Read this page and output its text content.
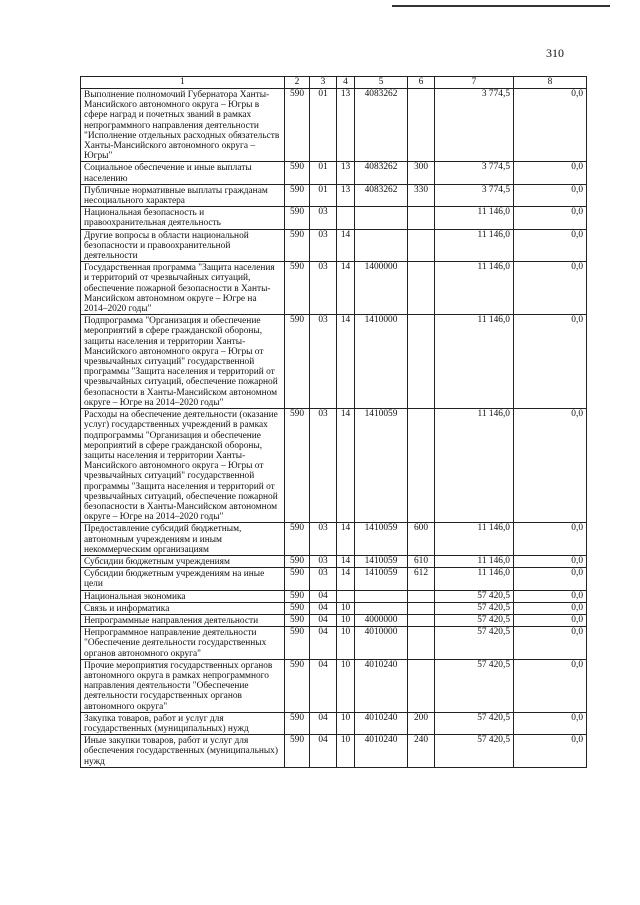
310
1	2	3	4	5	6	7	8
Выполнение полномочий Губернатора Ханты-Мансийского автономного округа – Югры в сфере наград и почетных званий в рамках непрограммного направления деятельности "Исполнение отдельных расходных обязательств Ханты-Мансийского автономного округа – Югры"	590	01	13	4083262		3 774,5	0,0
Социальное обеспечение и иные выплаты населению	590	01	13	4083262	300	3 774,5	0,0
Публичные нормативные выплаты гражданам несоциального характера	590	01	13	4083262	330	3 774,5	0,0
Национальная безопасность и правоохранительная деятельность	590	03				11 146,0	0,0
Другие вопросы в области национальной безопасности и правоохранительной деятельности	590	03	14			11 146,0	0,0
Государственная программа "Защита населения и территорий от чрезвычайных ситуаций, обеспечение пожарной безопасности в Ханты-Мансийском автономном округе – Югре на 2014–2020 годы"	590	03	14	1400000		11 146,0	0,0
Подпрограмма "Организация и обеспечение мероприятий в сфере гражданской обороны, защиты населения и территории Ханты-Мансийского автономного округа – Югры от чрезвычайных ситуаций" государственной программы "Защита населения и территорий от чрезвычайных ситуаций, обеспечение пожарной безопасности в Ханты-Мансийском автономном округе – Югре на 2014–2020 годы"	590	03	14	1410000		11 146,0	0,0
Расходы на обеспечение деятельности (оказание услуг) государственных учреждений в рамках подпрограммы "Организация и обеспечение мероприятий в сфере гражданской обороны, защиты населения и территории Ханты-Мансийского автономного округа – Югры от чрезвычайных ситуаций" государственной программы "Защита населения и территорий от чрезвычайных ситуаций, обеспечение пожарной безопасности в Ханты-Мансийском автономном округе – Югре на 2014–2020 годы"	590	03	14	1410059		11 146,0	0,0
Предоставление субсидий бюджетным, автономным учреждениям и иным некоммерческим организациям	590	03	14	1410059	600	11 146,0	0,0
Субсидии бюджетным учреждениям	590	03	14	1410059	610	11 146,0	0,0
Субсидии бюджетным учреждениям на иные цели	590	03	14	1410059	612	11 146,0	0,0
Национальная экономика	590	04				57 420,5	0,0
Связь и информатика	590	04	10			57 420,5	0,0
Непрограммные направления деятельности	590	04	10	4000000		57 420,5	0,0
Непрограммное направление деятельности "Обеспечение деятельности государственных органов автономного округа"	590	04	10	4010000		57 420,5	0,0
Прочие мероприятия государственных органов автономного округа в рамках непрограммного направления деятельности "Обеспечение деятельности государственных органов автономного округа"	590	04	10	4010240		57 420,5	0,0
Закупка товаров, работ и услуг для государственных (муниципальных) нужд	590	04	10	4010240	200	57 420,5	0,0
Иные закупки товаров, работ и услуг для обеспечения государственных (муниципальных) нужд	590	04	10	4010240	240	57 420,5	0,0
